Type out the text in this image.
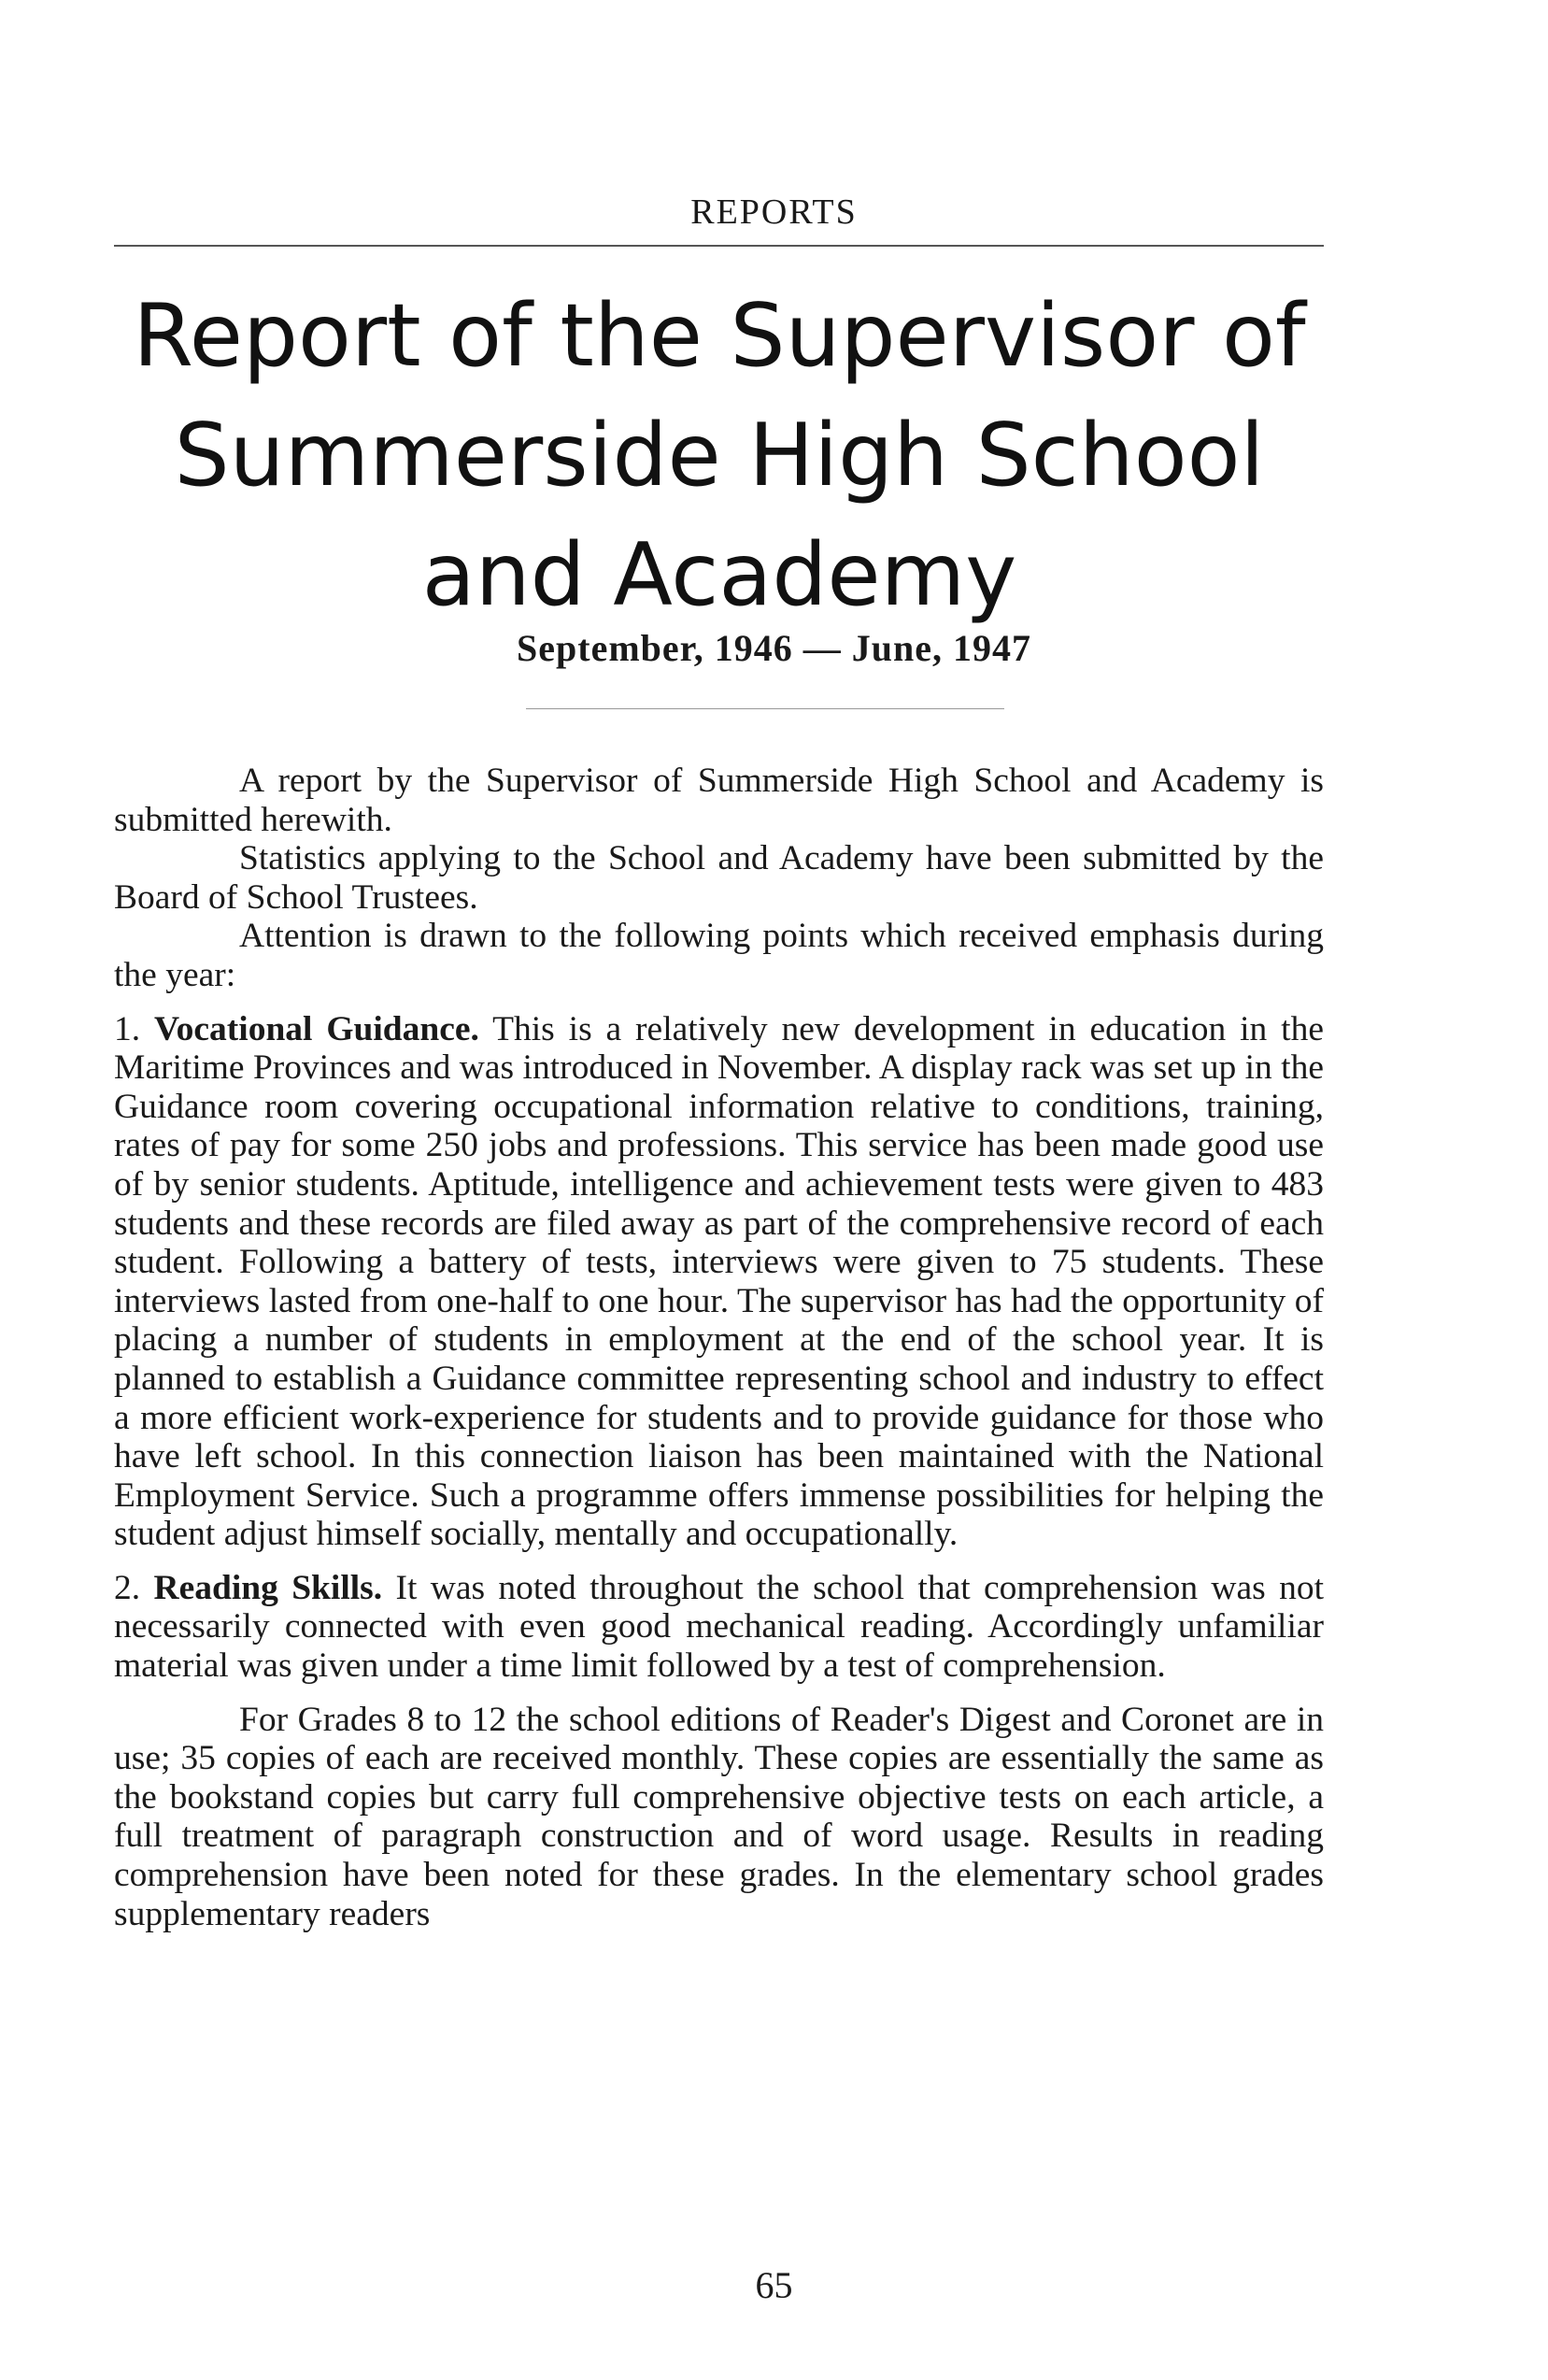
REPORTS
Report of the Supervisor of
Summerside High School
and Academy
September, 1946 — June, 1947

A report by the Supervisor of Summerside High School and Academy is submitted herewith.

Statistics applying to the School and Academy have been submitted by the Board of School Trustees.

Attention is drawn to the following points which received emphasis during the year:

1. Vocational Guidance. This is a relatively new development in education in the Maritime Provinces and was introduced in November. A display rack was set up in the Guidance room covering occupational information relative to conditions, training, rates of pay for some 250 jobs and professions. This service has been made good use of by senior students. Aptitude, intelligence and achievement tests were given to 483 students and these records are filed away as part of the comprehensive record of each student. Following a battery of tests, interviews were given to 75 students. These interviews lasted from one-half to one hour. The supervisor has had the opportunity of placing a number of students in employment at the end of the school year. It is planned to establish a Guidance committee representing school and industry to effect a more efficient work-experience for students and to provide guidance for those who have left school. In this connection liaison has been maintained with the National Employment Service. Such a programme offers immense possibilities for helping the student adjust himself socially, mentally and occupationally.

2. Reading Skills. It was noted throughout the school that comprehension was not necessarily connected with even good mechanical reading. Accordingly unfamiliar material was given under a time limit followed by a test of comprehension.

For Grades 8 to 12 the school editions of Reader's Digest and Coronet are in use; 35 copies of each are received monthly. These copies are essentially the same as the bookstand copies but carry full comprehensive objective tests on each article, a full treatment of paragraph construction and of word usage. Results in reading comprehension have been noted for these grades. In the elementary school grades supplementary readers

65
